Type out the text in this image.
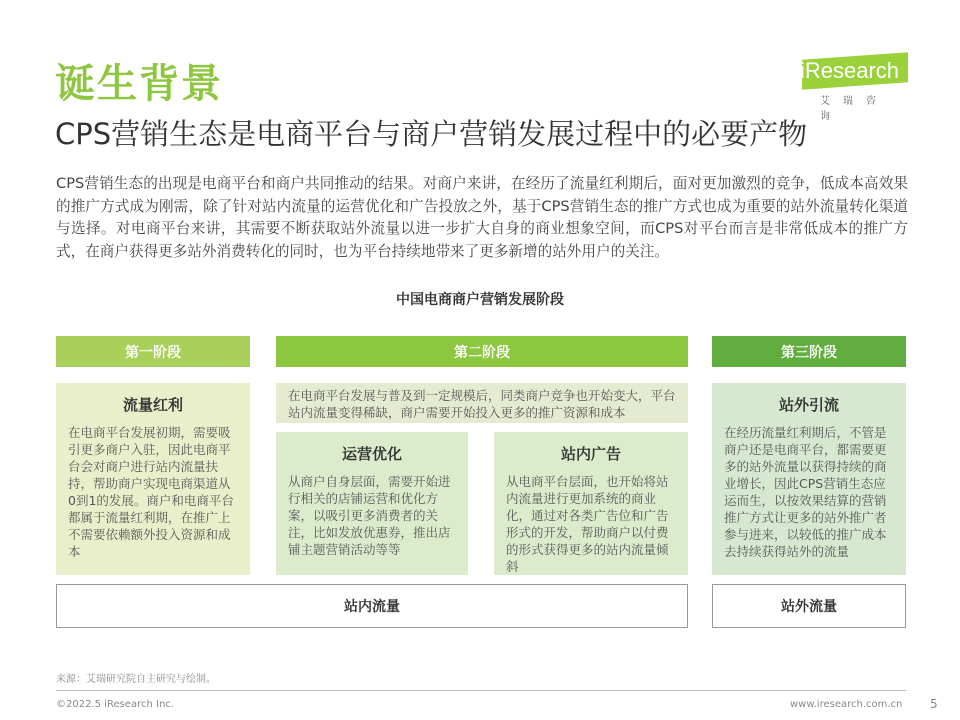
诞生背景	iResearch
艾瑞咨询
CPS营销生态是电商平台与商户营销发展过程中的必要产物
CPS营销生态的出现是电商平台和商户共同推动的结果。对商户来讲，在经历了流量红利期后，面对更加激烈的竞争，低成本高效果的推广方式成为刚需，除了针对站内流量的运营优化和广告投放之外，基于CPS营销生态的推广方式也成为重要的站外流量转化渠道与选择。对电商平台来讲，其需要不断获取站外流量以进一步扩大自身的商业想象空间，而CPS对平台而言是非常低成本的推广方式，在商户获得更多站外消费转化的同时，也为平台持续地带来了更多新增的站外用户的关注。
中国电商商户营销发展阶段
第一阶段	第二阶段	第三阶段
流量红利
在电商平台发展初期，需要吸引更多商户入驻，因此电商平台会对商户进行站内流量扶持，帮助商户实现电商渠道从0到1的发展。商户和电商平台都属于流量红利期，在推广上不需要依赖额外投入资源和成本
在电商平台发展与普及到一定规模后，同类商户竞争也开始变大，平台站内流量变得稀缺，商户需要开始投入更多的推广资源和成本
运营优化
从商户自身层面，需要开始进行相关的店铺运营和优化方案，以吸引更多消费者的关注，比如发放优惠券，推出店铺主题营销活动等等
站内广告
从电商平台层面，也开始将站内流量进行更加系统的商业化，通过对各类广告位和广告形式的开发，帮助商户以付费的形式获得更多的站内流量倾斜
站外引流
在经历流量红利期后，不管是商户还是电商平台，都需要更多的站外流量以获得持续的商业增长，因此CPS营销生态应运而生，以按效果结算的营销推广方式让更多的站外推广者参与进来，以较低的推广成本去持续获得站外的流量
站内流量	站外流量
来源：艾瑞研究院自主研究与绘制。
©2022.5 iResearch Inc.	www.iresearch.com.cn 5
